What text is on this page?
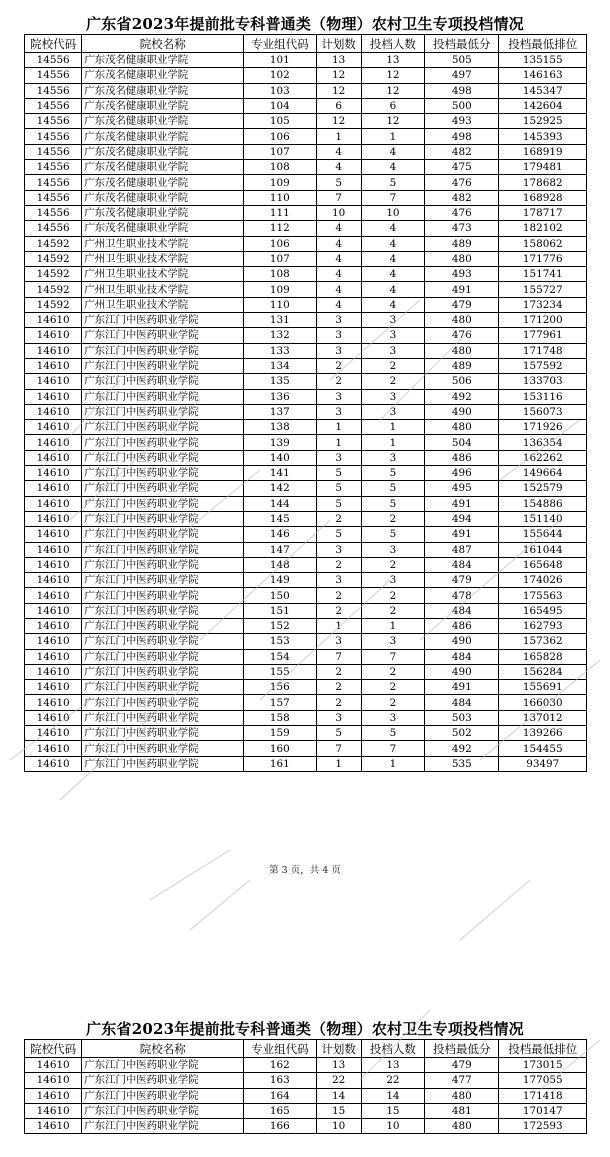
广东省2023年提前批专科普通类（物理）农村卫生专项投档情况
院校代码	院校名称	专业组代码	计划数	投档人数	投档最低分	投档最低排位
14556	广东茂名健康职业学院	101	13	13	505	135155
14556	广东茂名健康职业学院	102	12	12	497	146163
14556	广东茂名健康职业学院	103	12	12	498	145347
14556	广东茂名健康职业学院	104	6	6	500	142604
14556	广东茂名健康职业学院	105	12	12	493	152925
14556	广东茂名健康职业学院	106	1	1	498	145393
14556	广东茂名健康职业学院	107	4	4	482	168919
14556	广东茂名健康职业学院	108	4	4	475	179481
14556	广东茂名健康职业学院	109	5	5	476	178682
14556	广东茂名健康职业学院	110	7	7	482	168928
14556	广东茂名健康职业学院	111	10	10	476	178717
14556	广东茂名健康职业学院	112	4	4	473	182102
14592	广州卫生职业技术学院	106	4	4	489	158062
14592	广州卫生职业技术学院	107	4	4	480	171776
14592	广州卫生职业技术学院	108	4	4	493	151741
14592	广州卫生职业技术学院	109	4	4	491	155727
14592	广州卫生职业技术学院	110	4	4	479	173234
14610	广东江门中医药职业学院	131	3	3	480	171200
14610	广东江门中医药职业学院	132	3	3	476	177961
14610	广东江门中医药职业学院	133	3	3	480	171748
14610	广东江门中医药职业学院	134	2	2	489	157592
14610	广东江门中医药职业学院	135	2	2	506	133703
14610	广东江门中医药职业学院	136	3	3	492	153116
14610	广东江门中医药职业学院	137	3	3	490	156073
14610	广东江门中医药职业学院	138	1	1	480	171926
14610	广东江门中医药职业学院	139	1	1	504	136354
14610	广东江门中医药职业学院	140	3	3	486	162262
14610	广东江门中医药职业学院	141	5	5	496	149664
14610	广东江门中医药职业学院	142	5	5	495	152579
14610	广东江门中医药职业学院	144	5	5	491	154886
14610	广东江门中医药职业学院	145	2	2	494	151140
14610	广东江门中医药职业学院	146	5	5	491	155644
14610	广东江门中医药职业学院	147	3	3	487	161044
14610	广东江门中医药职业学院	148	2	2	484	165648
14610	广东江门中医药职业学院	149	3	3	479	174026
14610	广东江门中医药职业学院	150	2	2	478	175563
14610	广东江门中医药职业学院	151	2	2	484	165495
14610	广东江门中医药职业学院	152	1	1	486	162793
14610	广东江门中医药职业学院	153	3	3	490	157362
14610	广东江门中医药职业学院	154	7	7	484	165828
14610	广东江门中医药职业学院	155	2	2	490	156284
14610	广东江门中医药职业学院	156	2	2	491	155691
14610	广东江门中医药职业学院	157	2	2	484	166030
14610	广东江门中医药职业学院	158	3	3	503	137012
14610	广东江门中医药职业学院	159	5	5	502	139266
14610	广东江门中医药职业学院	160	7	7	492	154455
14610	广东江门中医药职业学院	161	1	1	535	93497
第 3 页，共 4 页
广东省2023年提前批专科普通类（物理）农村卫生专项投档情况
院校代码	院校名称	专业组代码	计划数	投档人数	投档最低分	投档最低排位
14610	广东江门中医药职业学院	162	13	13	479	173015
14610	广东江门中医药职业学院	163	22	22	477	177055
14610	广东江门中医药职业学院	164	14	14	480	171418
14610	广东江门中医药职业学院	165	15	15	481	170147
14610	广东江门中医药职业学院	166	10	10	480	172593
